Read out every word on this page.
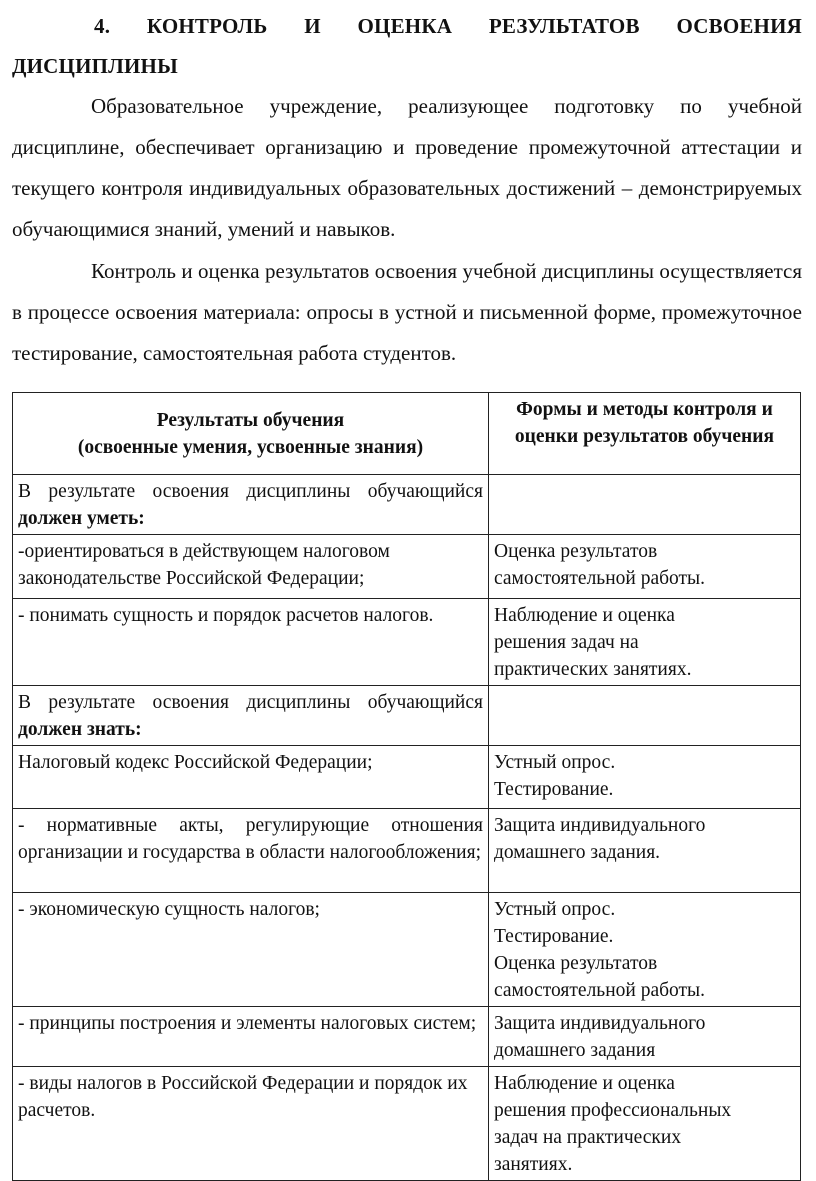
4. КОНТРОЛЬ И ОЦЕНКА РЕЗУЛЬТАТОВ ОСВОЕНИЯ ДИСЦИПЛИНЫ

Образовательное учреждение, реализующее подготовку по учебной дисциплине, обеспечивает организацию и проведение промежуточной аттестации и текущего контроля индивидуальных образовательных достижений – демонстрируемых обучающимися знаний, умений и навыков.

Контроль и оценка результатов освоения учебной дисциплины осуществляется в процессе освоения материала: опросы в устной и письменной форме, промежуточное тестирование, самостоятельная работа студентов.

Результаты обучения
(освоенные умения, усвоенные знания)	Формы и методы контроля и оценки результатов обучения
В результате освоения дисциплины обучающийся должен уметь:	
-ориентироваться в действующем налоговом законодательстве Российской Федерации;	Оценка результатов
самостоятельной работы.

- понимать сущность и порядок расчетов налогов.	Наблюдение и оценка
решения задач на
практических занятиях.

В результате освоения дисциплины обучающийся должен знать:	
Налоговый кодекс Российской Федерации;	Устный опрос.
Тестирование.

- нормативные акты, регулирующие отношения организации и государства в области налогообложения;	Защита индивидуального
домашнего задания.

- экономическую сущность налогов;	Устный опрос.
Тестирование.
Оценка результатов
самостоятельной работы.

- принципы построения и элементы налоговых систем;	Защита индивидуального
домашнего задания

- виды налогов в Российской Федерации и порядок их расчетов.	Наблюдение и оценка
решения профессиональных
задач на практических
занятиях.
